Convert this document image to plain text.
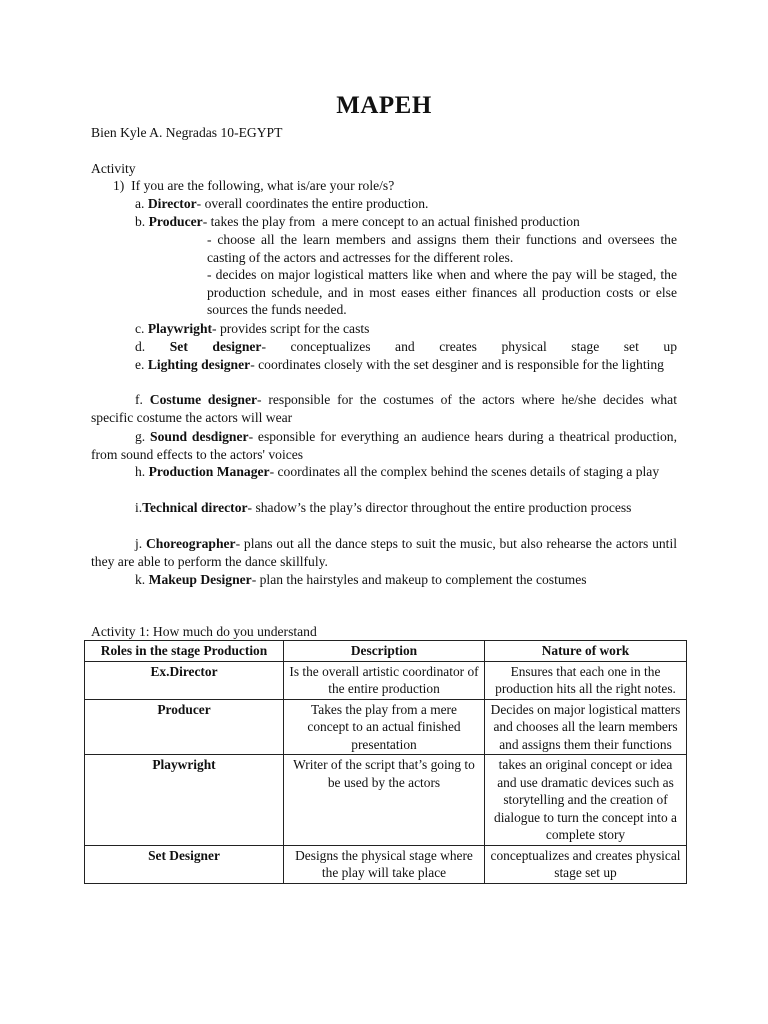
MAPEH
Bien Kyle A. Negradas 10-EGYPT
Activity
1)  If you are the following, what is/are your role/s?
a. Director- overall coordinates the entire production.
b. Producer- takes the play from  a mere concept to an actual finished production
- choose all the learn members and assigns them their functions and oversees the casting of the actors and actresses for the different roles.
- decides on major logistical matters like when and where the pay will be staged, the production schedule, and in most eases either finances all production costs or else sources the funds needed.
c. Playwright- provides script for the casts
d. Set designer- conceptualizes and creates physical stage set up
e. Lighting designer- coordinates closely with the set desginer and is responsible for the lighting
f. Costume designer- responsible for the costumes of the actors where he/she decides what specific costume the actors will wear
g. Sound desdigner- esponsible for everything an audience hears during a theatrical production, from sound effects to the actors' voices
h. Production Manager- coordinates all the complex behind the scenes details of staging a play
i.Technical director- shadow’s the play’s director throughout the entire production process
j. Choreographer- plans out all the dance steps to suit the music, but also rehearse the actors until they are able to perform the dance skillfuly.
k. Makeup Designer- plan the hairstyles and makeup to complement the costumes
Activity 1: How much do you understand
Roles in the stage Production	Description	Nature of work
Ex.Director	Is the overall artistic coordinator of the entire production	Ensures that each one in the production hits all the right notes.
Producer	Takes the play from a mere concept to an actual finished presentation	Decides on major logistical matters and chooses all the learn members and assigns them their functions
Playwright	Writer of the script that’s going to be used by the actors	takes an original concept or idea and use dramatic devices such as storytelling and the creation of dialogue to turn the concept into a complete story
Set Designer	Designs the physical stage where the play will take place	conceptualizes and creates physical stage set up
